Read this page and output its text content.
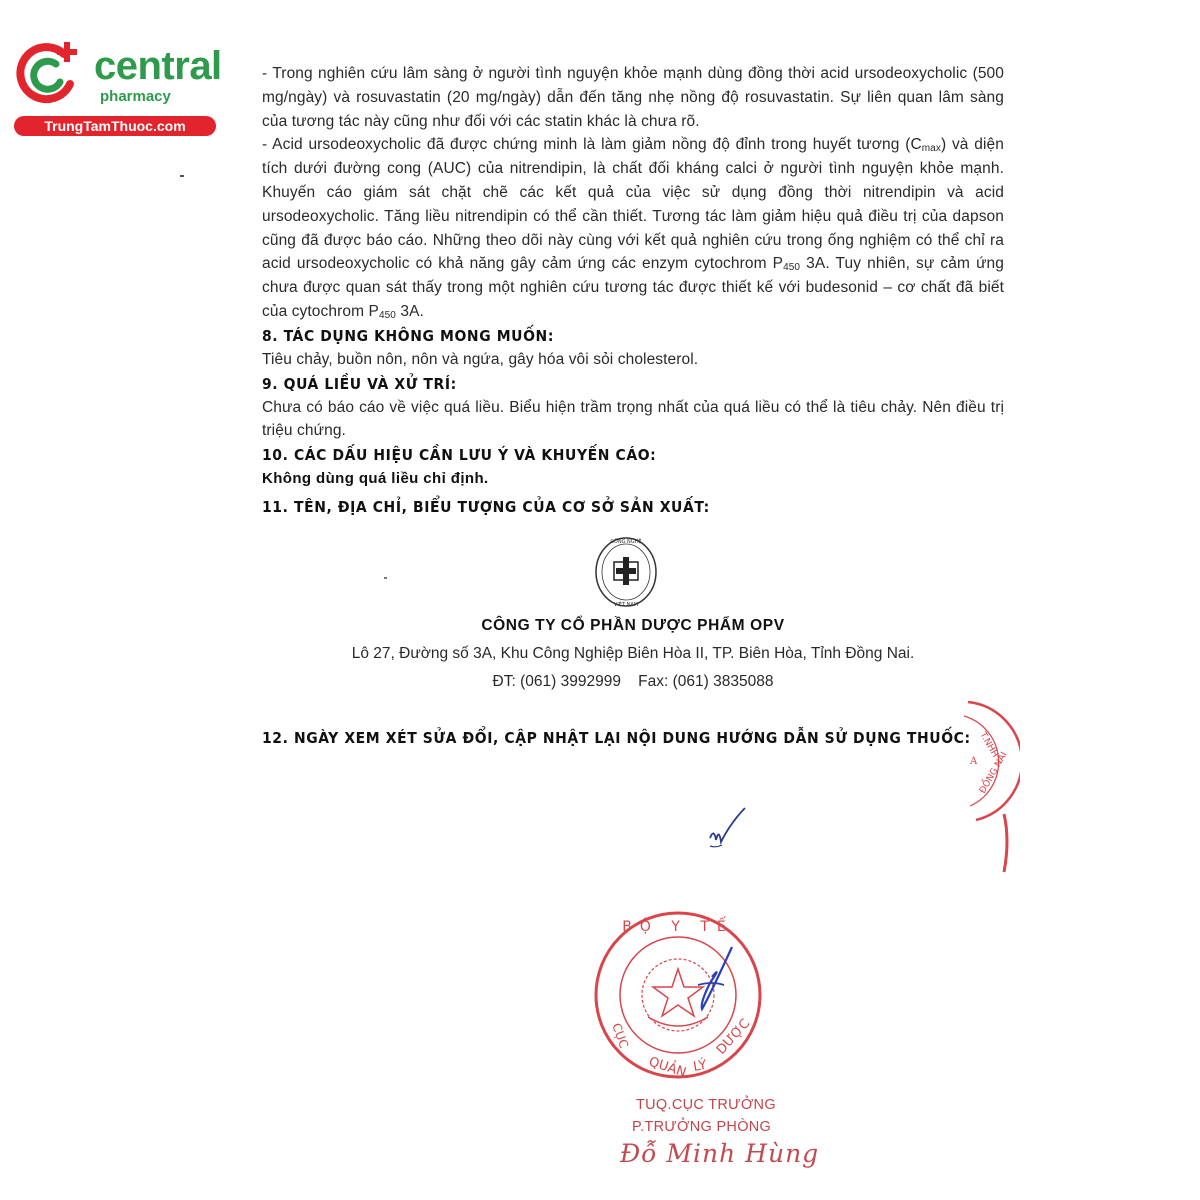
central
pharmacy
TrungTamThuoc.com

- Trong nghiên cứu lâm sàng ở người tình nguyện khỏe mạnh dùng đồng thời acid ursodeoxycholic (500 mg/ngày) và rosuvastatin (20 mg/ngày) dẫn đến tăng nhẹ nồng độ rosuvastatin. Sự liên quan lâm sàng của tương tác này cũng như đối với các statin khác là chưa rõ.

- Acid ursodeoxycholic đã được chứng minh là làm giảm nồng độ đỉnh trong huyết tương $(C_{max})$ và diện tích dưới đường cong (AUC) của nitrendipin, là chất đối kháng calci ở người tình nguyện khỏe mạnh. Khuyến cáo giám sát chặt chẽ các kết quả của việc sử dụng đồng thời nitrendipin và acid ursodeoxycholic. Tăng liều nitrendipin có thể cần thiết. Tương tác làm giảm hiệu quả điều trị của dapson cũng đã được báo cáo. Những theo dõi này cùng với kết quả nghiên cứu trong ống nghiệm có thể chỉ ra acid ursodeoxycholic có khả năng gây cảm ứng các enzym cytochrom $P_{450}$ 3A. Tuy nhiên, sự cảm ứng chưa được quan sát thấy trong một nghiên cứu tương tác được thiết kế với budesonid – cơ chất đã biết của cytochrom $P_{450}$ 3A.

8. TÁC DỤNG KHÔNG MONG MUỐN:

Tiêu chảy, buồn nôn, nôn và ngứa, gây hóa vôi sỏi cholesterol.

9. QUÁ LIỀU VÀ XỬ TRÍ:

Chưa có báo cáo về việc quá liều. Biểu hiện trầm trọng nhất của quá liều có thể là tiêu chảy. Nên điều trị triệu chứng.

10. CÁC DẤU HIỆU CẦN LƯU Ý VÀ KHUYẾN CÁO:

Không dùng quá liều chỉ định.

11. TÊN, ĐỊA CHỈ, BIỂU TƯỢNG CỦA CƠ SỞ SẢN XUẤT:

CÔNG NGHỆ
VIỆT NAM
CÔNG TY CỔ PHẦN DƯỢC PHẨM OPV
Lô 27, Đường số 3A, Khu Công Nghiệp Biên Hòa II, TP. Biên Hòa, Tỉnh Đồng Nai.
ĐT: (061) 3992999    Fax: (061) 3835088
12. NGÀY XEM XÉT SỬA ĐỔI, CẬP NHẬT LẠI NỘI DUNG HƯỚNG DẪN SỬ DỤNG THUỐC: T.NHH
ĐỒNG NAI
A
BỘ Y TẾ
CỤC
QUẢN LÝ
DƯỢC
TUQ.CỤC TRƯỞNG
P.TRƯỞNG PHÒNG
Đỗ Minh Hùng
